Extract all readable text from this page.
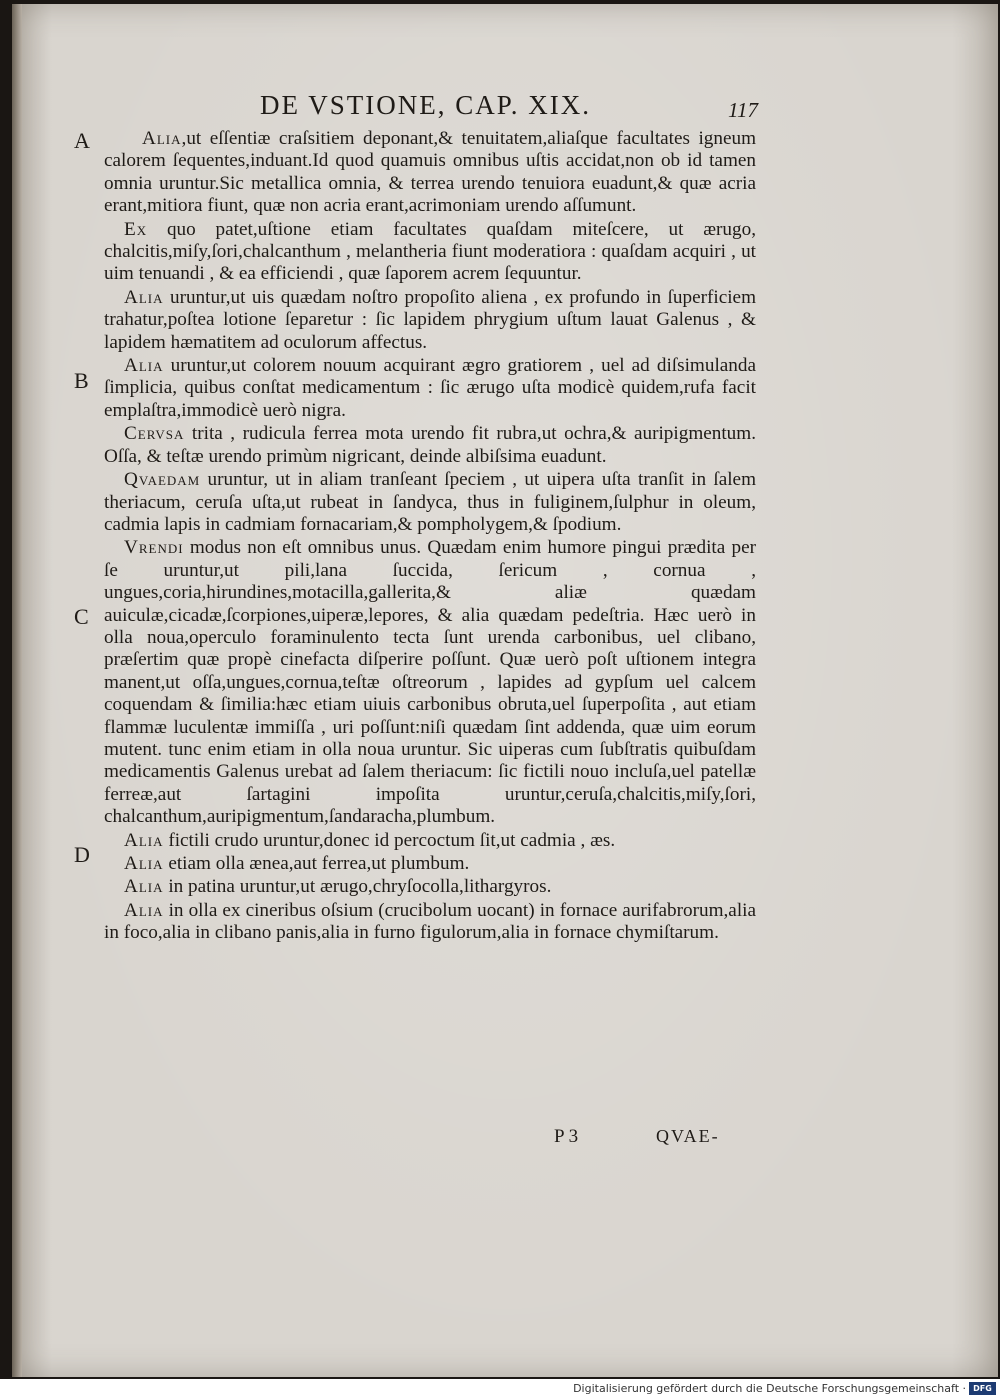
DE VSTIONE, CAP. XIX.	117
A
B
C
D

Alia,ut eſſentiæ craſsitiem deponant,& tenuitatem,aliaſque facultates igneum calorem ſequentes,induant.Id quod quamuis omnibus uſtis accidat,non ob id tamen omnia uruntur.Sic metallica omnia, & terrea urendo tenuiora euadunt,& quæ acria erant,mitiora fiunt, quæ non acria erant,acrimoniam urendo aſſumunt.

Ex quo patet,uſtione etiam facultates quaſdam miteſcere, ut ærugo, chalcitis,miſy,ſori,chalcanthum , melantheria fiunt moderatiora : quaſdam acquiri , ut uim tenuandi , & ea efficiendi , quæ ſaporem acrem ſequuntur.

Alia uruntur,ut uis quædam noſtro propoſito aliena , ex profundo in ſuperficiem trahatur,poſtea lotione ſeparetur : ſic lapidem phrygium uſtum lauat Galenus , & lapidem hæmatitem ad oculorum affectus.

Alia uruntur,ut colorem nouum acquirant ægro gratiorem , uel ad diſsimulanda ſimplicia, quibus conſtat medicamentum : ſic ærugo uſta modicè quidem,rufa facit emplaſtra,immodicè uerò nigra.

Cervsa trita , rudicula ferrea mota urendo fit rubra,ut ochra,& auripigmentum. Oſſa, & teſtæ urendo primùm nigricant, deinde albiſsima euadunt.

Qvaedam uruntur, ut in aliam tranſeant ſpeciem , ut uipera uſta tranſit in ſalem theriacum, ceruſa uſta,ut rubeat in ſandyca, thus in fuliginem,ſulphur in oleum, cadmia lapis in cadmiam fornacariam,& pompholygem,& ſpodium.

Vrendi modus non eſt omnibus unus. Quædam enim humore pingui prædita per ſe uruntur,ut pili,lana ſuccida, ſericum , cornua , ungues,coria,hirundines,motacilla,gallerita,& aliæ quædam auiculæ,cicadæ,ſcorpiones,uiperæ,lepores, & alia quædam pedeſtria. Hæc uerò in olla noua,operculo foraminulento tecta ſunt urenda carbonibus, uel clibano, præſertim quæ propè cinefacta diſperire poſſunt. Quæ uerò poſt uſtionem integra manent,ut oſſa,ungues,cornua,teſtæ oſtreorum , lapides ad gypſum uel calcem coquendam & ſimilia:hæc etiam uiuis carbonibus obruta,uel ſuperpoſita , aut etiam flammæ luculentæ immiſſa , uri poſſunt:niſi quædam ſint addenda, quæ uim eorum mutent. tunc enim etiam in olla noua uruntur. Sic uiperas cum ſubſtratis quibuſdam medicamentis Galenus urebat ad ſalem theriacum: ſic fictili nouo incluſa,uel patellæ ferreæ,aut ſartagini impoſita uruntur,ceruſa,chalcitis,miſy,ſori, chalcanthum,auripigmentum,ſandaracha,plumbum.

Alia fictili crudo uruntur,donec id percoctum ſit,ut cadmia , æs.

Alia etiam olla ænea,aut ferrea,ut plumbum.

Alia in patina uruntur,ut ærugo,chryſocolla,lithargyros.

Alia in olla ex cineribus oſsium (crucibolum uocant) in fornace aurifabrorum,alia in foco,alia in clibano panis,alia in furno figulorum,alia in fornace chymiſtarum.

P 3	QVAE-
Digitalisierung gefördert durch die Deutsche Forschungsgemeinschaft · DFG
